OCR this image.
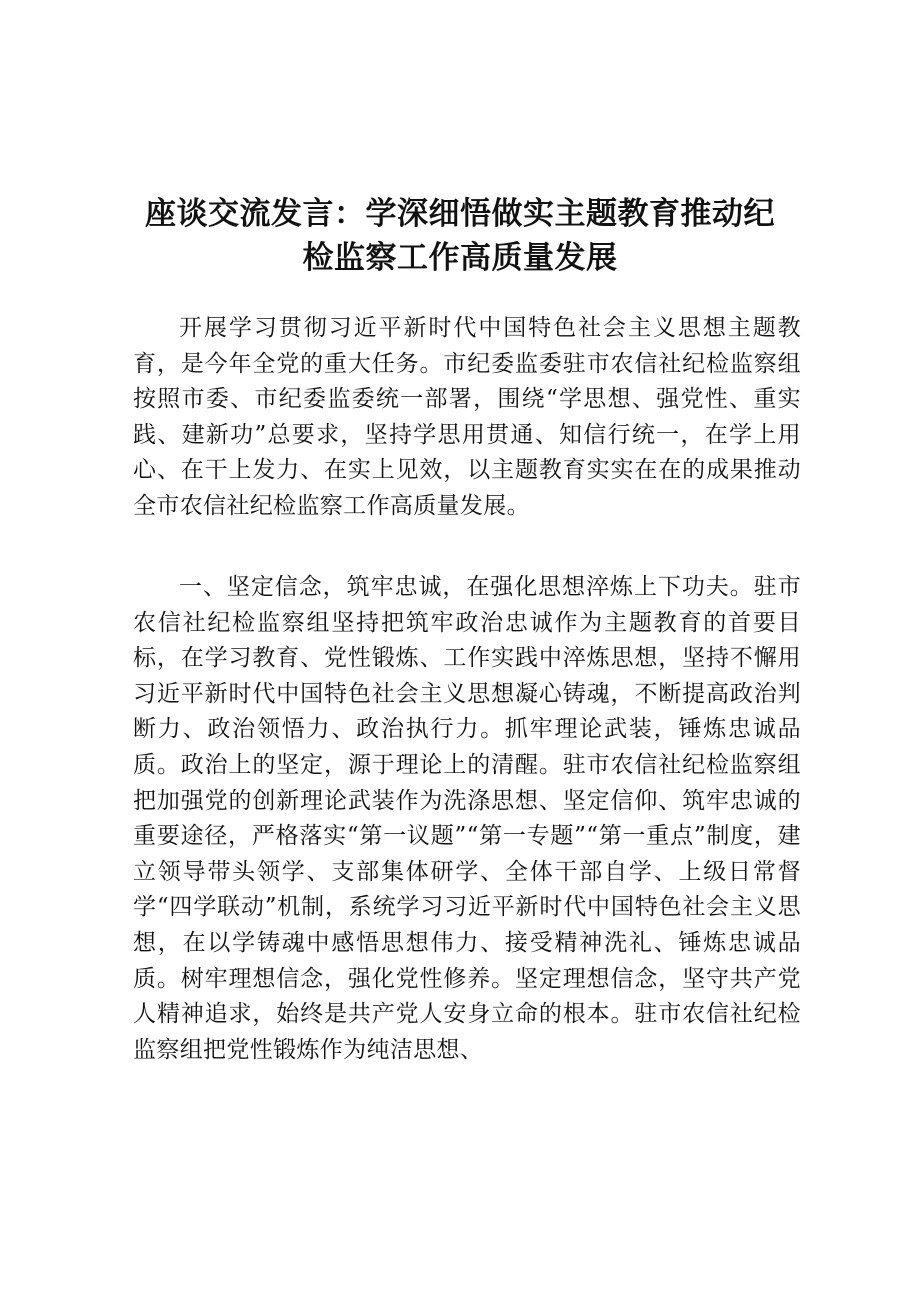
座谈交流发言：学深细悟做实主题教育推动纪
检监察工作高质量发展

开展学习贯彻习近平新时代中国特色社会主义思想主题教育，是今年全党的重大任务。市纪委监委驻市农信社纪检监察组按照市委、市纪委监委统一部署，围绕“学思想、强党性、重实践、建新功”总要求，坚持学思用贯通、知信行统一，在学上用心、在干上发力、在实上见效，以主题教育实实在在的成果推动全市农信社纪检监察工作高质量发展。

一、坚定信念，筑牢忠诚，在强化思想淬炼上下功夫。驻市农信社纪检监察组坚持把筑牢政治忠诚作为主题教育的首要目标，在学习教育、党性锻炼、工作实践中淬炼思想，坚持不懈用习近平新时代中国特色社会主义思想凝心铸魂，不断提高政治判断力、政治领悟力、政治执行力。抓牢理论武装，锤炼忠诚品质。政治上的坚定，源于理论上的清醒。驻市农信社纪检监察组把加强党的创新理论武装作为洗涤思想、坚定信仰、筑牢忠诚的重要途径，严格落实“第一议题”“第一专题”“第一重点”制度，建立领导带头领学、支部集体研学、全体干部自学、上级日常督学“四学联动”机制，系统学习习近平新时代中国特色社会主义思想，在以学铸魂中感悟思想伟力、接受精神洗礼、锤炼忠诚品质。树牢理想信念，强化党性修养。坚定理想信念，坚守共产党人精神追求，始终是共产党人安身立命的根本。驻市农信社纪检监察组把党性锻炼作为纯洁思想、
